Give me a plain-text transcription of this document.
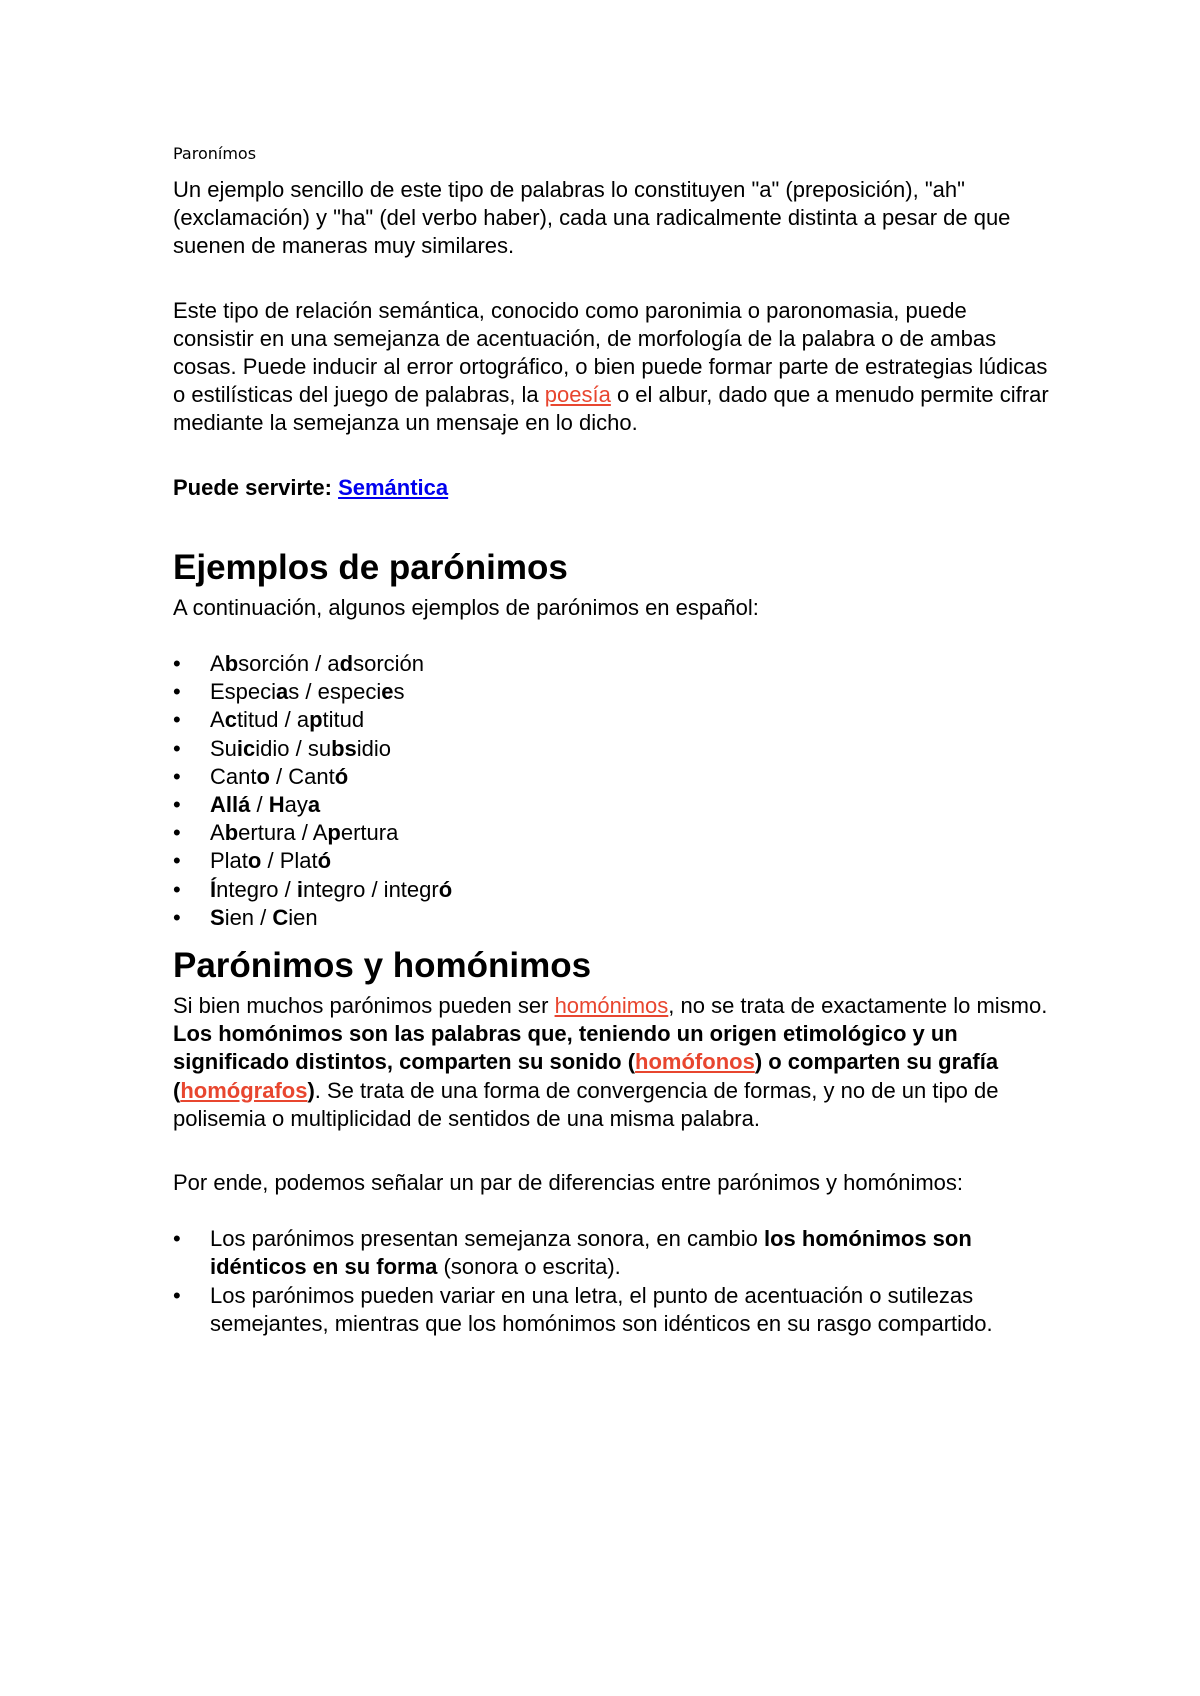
Paronímos

Un ejemplo sencillo de este tipo de palabras lo constituyen "a" (preposición), "ah" (exclamación) y "ha" (del verbo haber), cada una radicalmente distinta a pesar de que suenen de maneras muy similares.

Este tipo de relación semántica, conocido como paronimia o paronomasia, puede consistir en una semejanza de acentuación, de morfología de la palabra o de ambas cosas. Puede inducir al error ortográfico, o bien puede formar parte de estrategias lúdicas o estilísticas del juego de palabras, la poesía o el albur, dado que a menudo permite cifrar mediante la semejanza un mensaje en lo dicho.

Puede servirte: Semántica

Ejemplos de parónimos

A continuación, algunos ejemplos de parónimos en español:

• Absorción / adsorción
• Especias / especies
• Actitud / aptitud
• Suicidio / subsidio
• Canto / Cantó
• Allá / Haya
• Abertura / Apertura
• Plato / Plató
• Íntegro / integro / integró
• Sien / Cien
Parónimos y homónimos

Si bien muchos parónimos pueden ser homónimos, no se trata de exactamente lo mismo. Los homónimos son las palabras que, teniendo un origen etimológico y un significado distintos, comparten su sonido (homófonos) o comparten su grafía (homógrafos). Se trata de una forma de convergencia de formas, y no de un tipo de polisemia o multiplicidad de sentidos de una misma palabra.

Por ende, podemos señalar un par de diferencias entre parónimos y homónimos:

• Los parónimos presentan semejanza sonora, en cambio los homónimos son idénticos en su forma (sonora o escrita).
• Los parónimos pueden variar en una letra, el punto de acentuación o sutilezas semejantes, mientras que los homónimos son idénticos en su rasgo compartido.
